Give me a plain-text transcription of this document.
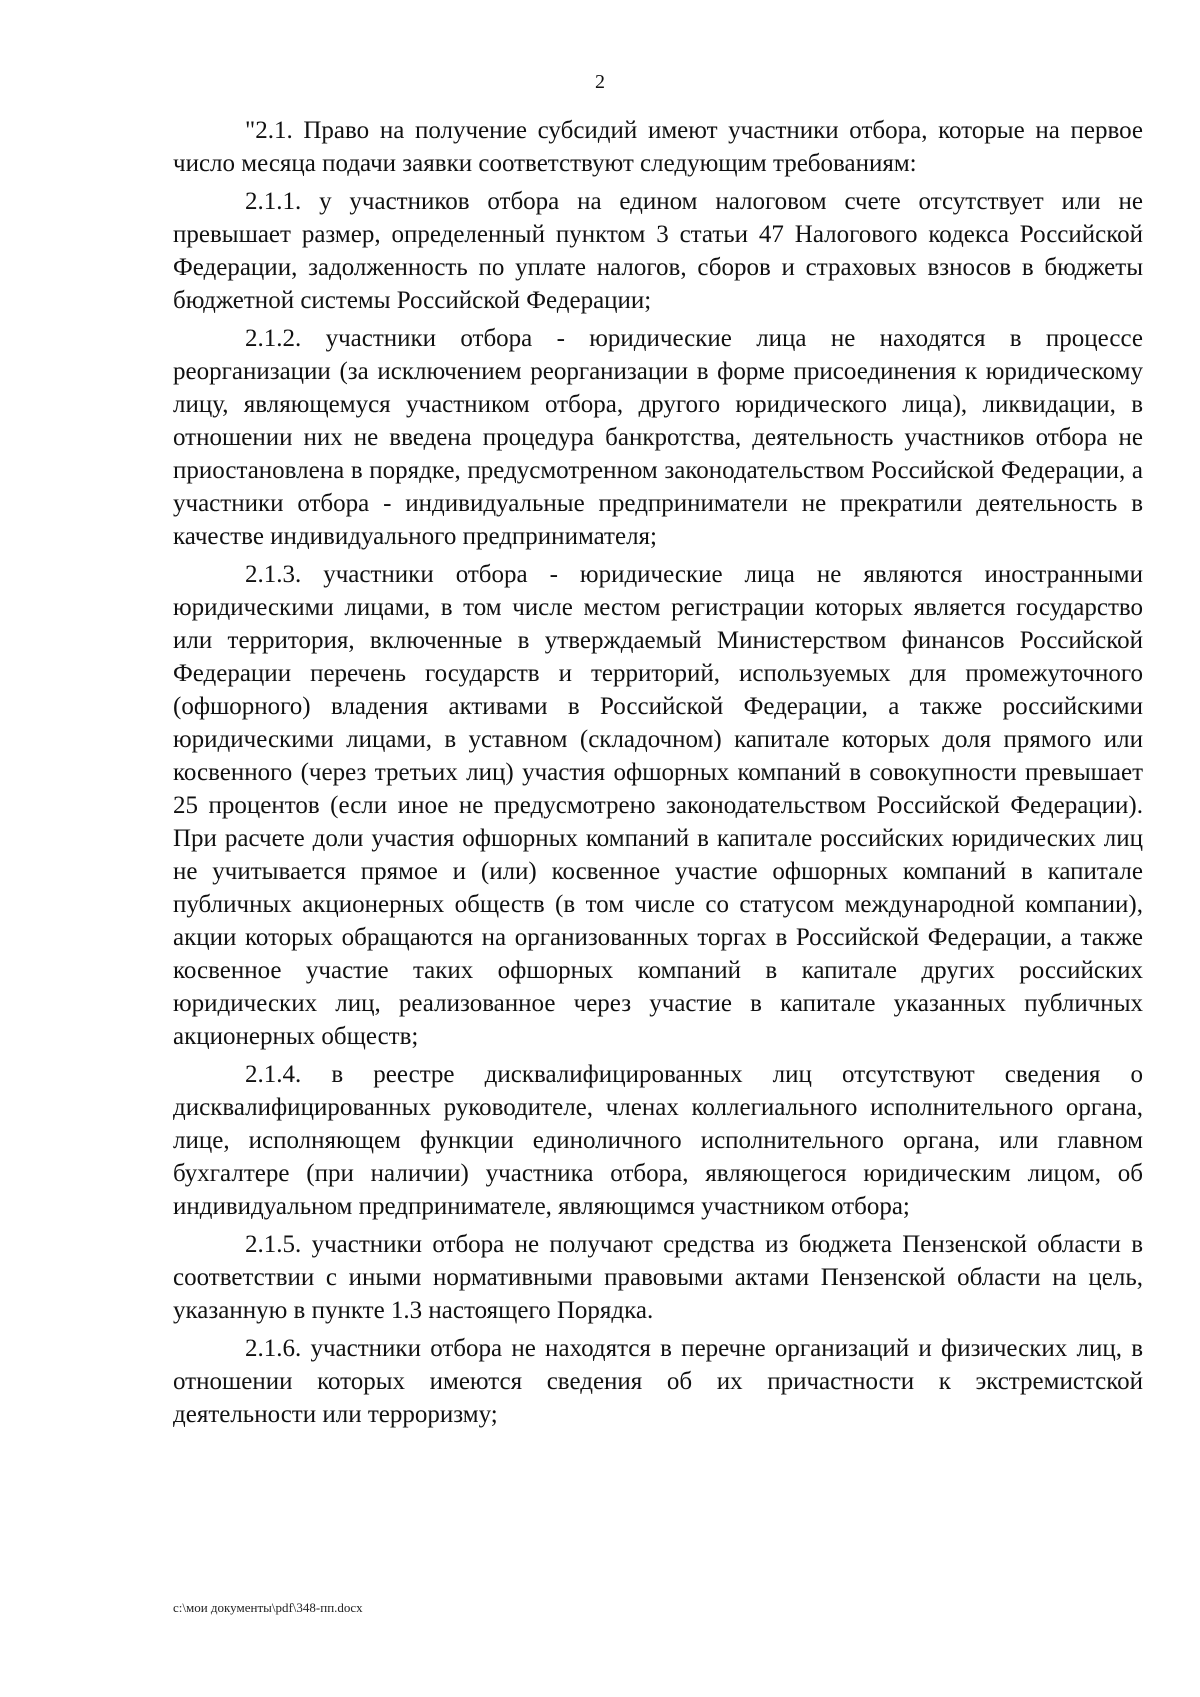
2

"2.1. Право на получение субсидий имеют участники отбора, которые на первое число месяца подачи заявки соответствуют следующим требованиям:

2.1.1. у участников отбора на едином налоговом счете отсутствует или не превышает размер, определенный пунктом 3 статьи 47 Налогового кодекса Российской Федерации, задолженность по уплате налогов, сборов и страховых взносов в бюджеты бюджетной системы Российской Федерации;

2.1.2. участники отбора - юридические лица не находятся в процессе реорганизации (за исключением реорганизации в форме присоединения к юридическому лицу, являющемуся участником отбора, другого юридического лица), ликвидации, в отношении них не введена процедура банкротства, деятельность участников отбора не приостановлена в порядке, предусмотренном законодательством Российской Федерации, а участники отбора - индивидуальные предприниматели не прекратили деятельность в качестве индивидуального предпринимателя;

2.1.3. участники отбора - юридические лица не являются иностранными юридическими лицами, в том числе местом регистрации которых является государство или территория, включенные в утверждаемый Министерством финансов Российской Федерации перечень государств и территорий, используемых для промежуточного (офшорного) владения активами в Российской Федерации, а также российскими юридическими лицами, в уставном (складочном) капитале которых доля прямого или косвенного (через третьих лиц) участия офшорных компаний в совокупности превышает 25 процентов (если иное не предусмотрено законодательством Российской Федерации). При расчете доли участия офшорных компаний в капитале российских юридических лиц не учитывается прямое и (или) косвенное участие офшорных компаний в капитале публичных акционерных обществ (в том числе со статусом международной компании), акции которых обращаются на организованных торгах в Российской Федерации, а также косвенное участие таких офшорных компаний в капитале других российских юридических лиц, реализованное через участие в капитале указанных публичных акционерных обществ;

2.1.4. в реестре дисквалифицированных лиц отсутствуют сведения о дисквалифицированных руководителе, членах коллегиального исполнительного органа, лице, исполняющем функции единоличного исполнительного органа, или главном бухгалтере (при наличии) участника отбора, являющегося юридическим лицом, об индивидуальном предпринимателе, являющимся участником отбора;

2.1.5. участники отбора не получают средства из бюджета Пензенской области в соответствии с иными нормативными правовыми актами Пензенской области на цель, указанную в пункте 1.3 настоящего Порядка.

2.1.6. участники отбора не находятся в перечне организаций и физических лиц, в отношении которых имеются сведения об их причастности к экстремистской деятельности или терроризму;

c:\мои документы\pdf\348-пп.docx
